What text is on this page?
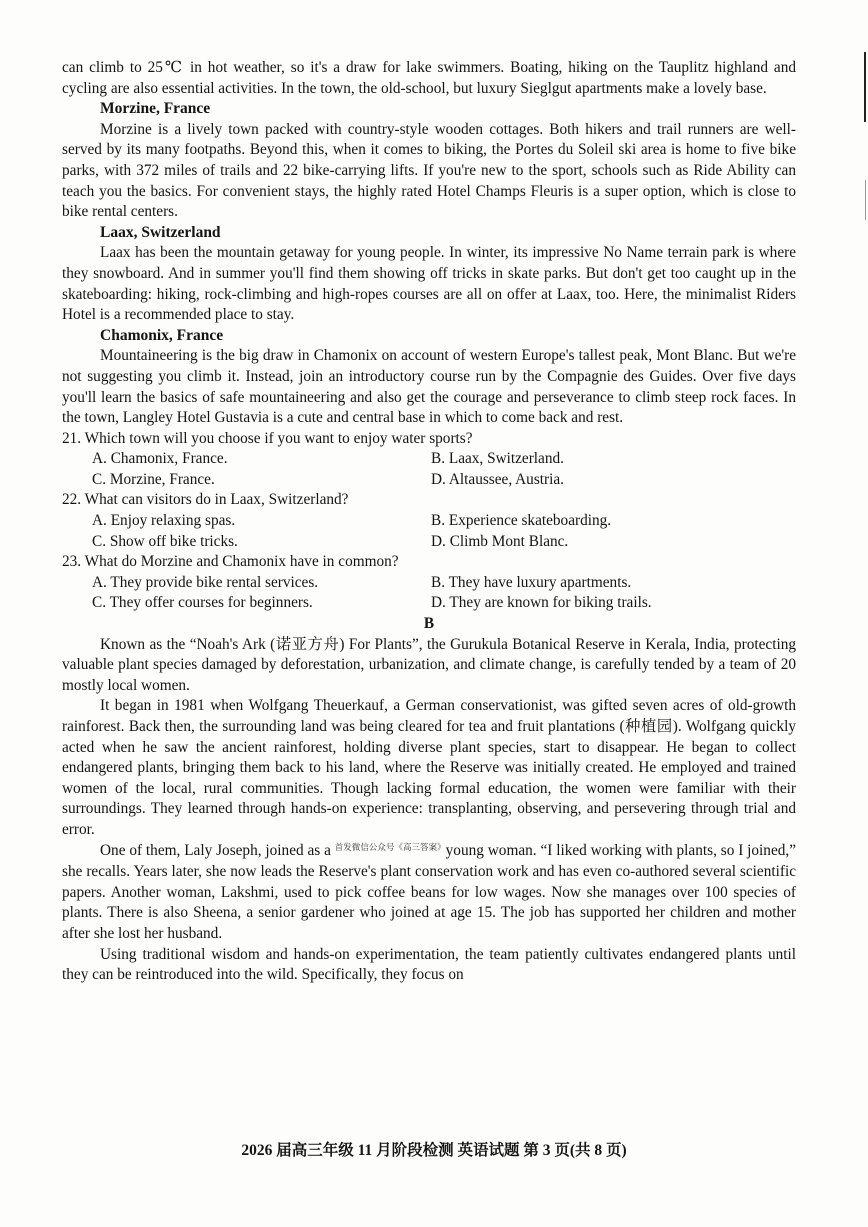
can climb to 25℃ in hot weather, so it's a draw for lake swimmers. Boating, hiking on the Tauplitz highland and cycling are also essential activities. In the town, the old-school, but luxury Sieglgut apartments make a lovely base.

Morzine, France

Morzine is a lively town packed with country-style wooden cottages. Both hikers and trail runners are well-served by its many footpaths. Beyond this, when it comes to biking, the Portes du Soleil ski area is home to five bike parks, with 372 miles of trails and 22 bike-carrying lifts. If you're new to the sport, schools such as Ride Ability can teach you the basics. For convenient stays, the highly rated Hotel Champs Fleuris is a super option, which is close to bike rental centers.

Laax, Switzerland

Laax has been the mountain getaway for young people. In winter, its impressive No Name terrain park is where they snowboard. And in summer you'll find them showing off tricks in skate parks. But don't get too caught up in the skateboarding: hiking, rock-climbing and high-ropes courses are all on offer at Laax, too. Here, the minimalist Riders Hotel is a recommended place to stay.

Chamonix, France

Mountaineering is the big draw in Chamonix on account of western Europe's tallest peak, Mont Blanc. But we're not suggesting you climb it. Instead, join an introductory course run by the Compagnie des Guides. Over five days you'll learn the basics of safe mountaineering and also get the courage and perseverance to climb steep rock faces. In the town, Langley Hotel Gustavia is a cute and central base in which to come back and rest.

21. Which town will you choose if you want to enjoy water sports?
A. Chamonix, France.	B. Laax, Switzerland.
C. Morzine, France.	D. Altaussee, Austria.
22. What can visitors do in Laax, Switzerland?
A. Enjoy relaxing spas.	B. Experience skateboarding.
C. Show off bike tricks.	D. Climb Mont Blanc.
23. What do Morzine and Chamonix have in common?
A. They provide bike rental services.	B. They have luxury apartments.
C. They offer courses for beginners.	D. They are known for biking trails.
B

Known as the “Noah's Ark (诺亚方舟) For Plants”, the Gurukula Botanical Reserve in Kerala, India, protecting valuable plant species damaged by deforestation, urbanization, and climate change, is carefully tended by a team of 20 mostly local women.

It began in 1981 when Wolfgang Theuerkauf, a German conservationist, was gifted seven acres of old-growth rainforest. Back then, the surrounding land was being cleared for tea and fruit plantations (种植园). Wolfgang quickly acted when he saw the ancient rainforest, holding diverse plant species, start to disappear. He began to collect endangered plants, bringing them back to his land, where the Reserve was initially created. He employed and trained women of the local, rural communities. Though lacking formal education, the women were familiar with their surroundings. They learned through hands-on experience: transplanting, observing, and persevering through trial and error.

One of them, Laly Joseph, joined as a $^{首发微信公众号《高三答案》}$young woman. “I liked working with plants, so I joined,” she recalls. Years later, she now leads the Reserve's plant conservation work and has even co-authored several scientific papers. Another woman, Lakshmi, used to pick coffee beans for low wages. Now she manages over 100 species of plants. There is also Sheena, a senior gardener who joined at age 15. The job has supported her children and mother after she lost her husband.

Using traditional wisdom and hands-on experimentation, the team patiently cultivates endangered plants until they can be reintroduced into the wild. Specifically, they focus on

2026 届高三年级 11 月阶段检测 英语试题 第 3 页(共 8 页)
